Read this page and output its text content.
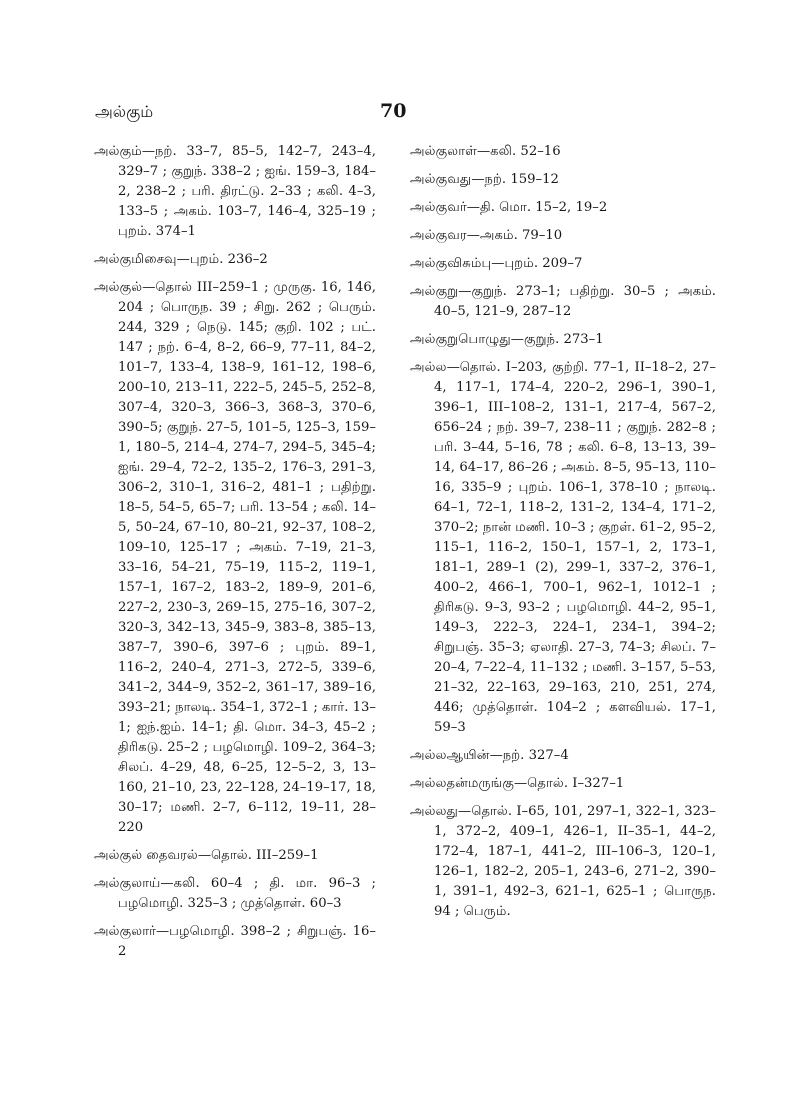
அல்கும்	70

அல்கும்—நற். 33–7, 85–5, 142–7, 243–4, 329–7 ; குறுந். 338–2 ; ஐங். 159–3, 184–2, 238–2 ; பரி. திரட்டு. 2–33 ; கலி. 4–3, 133–5 ; அகம். 103–7, 146–4, 325–19 ; புறம். 374–1

அல்குமிசைவு—புறம். 236–2

அல்குல்—தொல் III–259–1 ; முருகு. 16, 146, 204 ; பொருந. 39 ; சிறு. 262 ; பெரும். 244, 329 ; நெடு. 145; குறி. 102 ; பட். 147 ; நற். 6–4, 8–2, 66–9, 77–11, 84–2, 101–7, 133–4, 138–9, 161–12, 198–6, 200–10, 213–11, 222–5, 245–5, 252–8, 307–4, 320–3, 366–3, 368–3, 370–6, 390–5; குறுந். 27–5, 101–5, 125–3, 159–1, 180–5, 214–4, 274–7, 294–5, 345–4; ஐங். 29–4, 72–2, 135–2, 176–3, 291–3, 306–2, 310–1, 316–2, 481–1 ; பதிற்று. 18–5, 54–5, 65–7; பரி. 13–54 ; கலி. 14–5, 50–24, 67–10, 80–21, 92–37, 108–2, 109–10, 125–17 ; அகம். 7–19, 21–3, 33–16, 54–21, 75–19, 115–2, 119–1, 157–1, 167–2, 183–2, 189–9, 201–6, 227–2, 230–3, 269–15, 275–16, 307–2, 320–3, 342–13, 345–9, 383–8, 385–13, 387–7, 390–6, 397–6 ; புறம். 89–1, 116–2, 240–4, 271–3, 272–5, 339–6, 341–2, 344–9, 352–2, 361–17, 389–16, 393–21; நாலடி. 354–1, 372–1 ; கார். 13–1; ஐந்.ஐம். 14–1; தி. மொ. 34–3, 45–2 ; திரிகடு. 25–2 ; பழமொழி. 109–2, 364–3; சிலப். 4–29, 48, 6–25, 12–5–2, 3, 13–160, 21–10, 23, 22–128, 24–19–17, 18, 30–17; மணி. 2–7, 6–112, 19–11, 28–220

அல்குல் தைவரல்—தொல். III–259–1

அல்குலாய்—கலி. 60–4 ; தி. மா. 96–3 ; பழமொழி. 325–3 ; முத்தொள். 60–3

அல்குலார்—பழமொழி. 398–2 ; சிறுபஞ். 16–2

அல்குலாள்—கலி. 52–16

அல்குவது—நற். 159–12

அல்குவர்—தி. மொ. 15–2, 19–2

அல்குவர—அகம். 79–10

அல்குவிசும்பு—புறம். 209–7

அல்குறு—குறுந். 273–1; பதிற்று. 30–5 ; அகம். 40–5, 121–9, 287–12

அல்குறுபொழுது—குறுந். 273–1

அல்ல—தொல். I–203, குற்றி. 77–1, II–18–2, 27–4, 117–1, 174–4, 220–2, 296–1, 390–1, 396–1, III–108–2, 131–1, 217–4, 567–2, 656–24 ; நற். 39–7, 238–11 ; குறுந். 282–8 ; பரி. 3–44, 5–16, 78 ; கலி. 6–8, 13–13, 39–14, 64–17, 86–26 ; அகம். 8–5, 95–13, 110–16, 335–9 ; புறம். 106–1, 378–10 ; நாலடி. 64–1, 72–1, 118–2, 131–2, 134–4, 171–2, 370–2; நான் மணி. 10–3 ; குறள். 61–2, 95–2, 115–1, 116–2, 150–1, 157–1, 2, 173–1, 181–1, 289–1 (2), 299–1, 337–2, 376–1, 400–2, 466–1, 700–1, 962–1, 1012–1 ; திரிகடு. 9–3, 93–2 ; பழமொழி. 44–2, 95–1, 149–3, 222–3, 224–1, 234–1, 394–2; சிறுபஞ். 35–3; ஏலாதி. 27–3, 74–3; சிலப். 7–20–4, 7–22–4, 11–132 ; மணி. 3–157, 5–53, 21–32, 22–163, 29–163, 210, 251, 274, 446; முத்தொள். 104–2 ; களவியல். 17–1, 59–3

அல்லஆயின்—நற். 327–4

அல்லதன்மருங்கு—தொல். I–327–1

அல்லது—தொல். I–65, 101, 297–1, 322–1, 323–1, 372–2, 409–1, 426–1, II–35–1, 44–2, 172–4, 187–1, 441–2, III–106–3, 120–1, 126–1, 182–2, 205–1, 243–6, 271–2, 390–1, 391–1, 492–3, 621–1, 625–1 ; பொருந. 94 ; பெரும்.
